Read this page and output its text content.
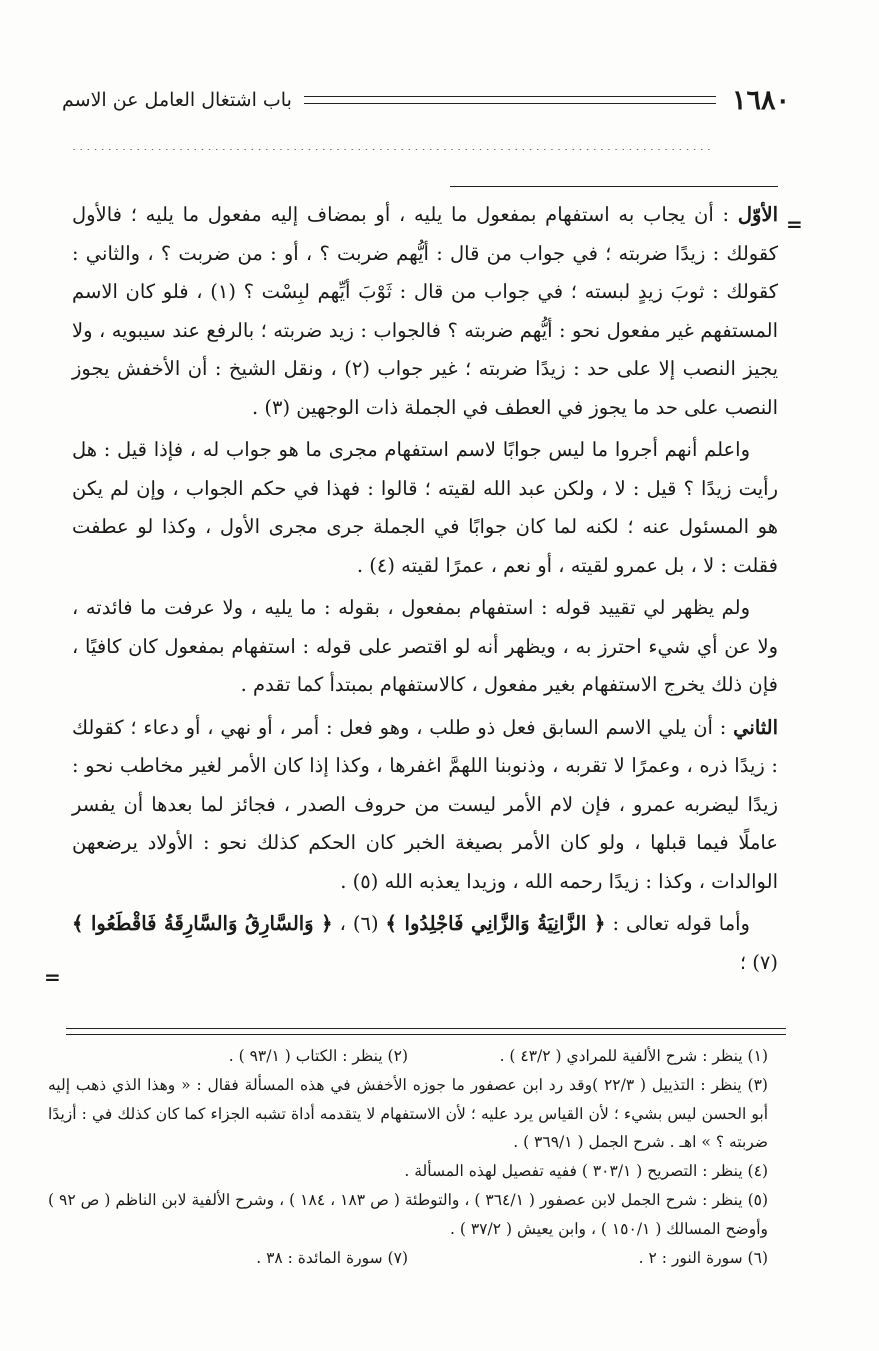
١٦٨٠
باب اشتغال العامل عن الاسم
..........................................................................................
=

الأوّل : أن يجاب به استفهام بمفعول ما يليه ، أو بمضاف إليه مفعول ما يليه ؛ فالأول كقولك : زيدًا ضربته ؛ في جواب من قال : أيُّهم ضربت ؟ ، أو : من ضربت ؟ ، والثاني : كقولك : ثوبَ زيدٍ لبسته ؛ في جواب من قال : ثَوْبَ أيِّهم لبِسْت ؟ (١) ، فلو كان الاسم المستفهم غير مفعول نحو : أيُّهم ضربته ؟ فالجواب : زيد ضربته ؛ بالرفع عند سيبويه ، ولا يجيز النصب إلا على حد : زيدًا ضربته ؛ غير جواب (٢) ، ونقل الشيخ : أن الأخفش يجوز النصب على حد ما يجوز في العطف في الجملة ذات الوجهين (٣) .

واعلم أنهم أجروا ما ليس جوابًا لاسم استفهام مجرى ما هو جواب له ، فإذا قيل : هل رأيت زيدًا ؟ قيل : لا ، ولكن عبد الله لقيته ؛ قالوا : فهذا في حكم الجواب ، وإن لم يكن هو المسئول عنه ؛ لكنه لما كان جوابًا في الجملة جرى مجرى الأول ، وكذا لو عطفت فقلت : لا ، بل عمرو لقيته ، أو نعم ، عمرًا لقيته (٤) .

ولم يظهر لي تقييد قوله : استفهام بمفعول ، بقوله : ما يليه ، ولا عرفت ما فائدته ، ولا عن أي شيء احترز به ، ويظهر أنه لو اقتصر على قوله : استفهام بمفعول كان كافيًا ، فإن ذلك يخرج الاستفهام بغير مفعول ، كالاستفهام بمبتدأ كما تقدم .

الثاني : أن يلي الاسم السابق فعل ذو طلب ، وهو فعل : أمر ، أو نهي ، أو دعاء ؛ كقولك : زيدًا ذره ، وعمرًا لا تقربه ، وذنوبنا اللهمَّ اغفرها ، وكذا إذا كان الأمر لغير مخاطب نحو : زيدًا ليضربه عمرو ، فإن لام الأمر ليست من حروف الصدر ، فجائز لما بعدها أن يفسر عاملًا فيما قبلها ، ولو كان الأمر بصيغة الخبر كان الحكم كذلك نحو : الأولاد يرضعهن الوالدات ، وكذا : زيدًا رحمه الله ، وزيدا يعذبه الله (٥) .

وأما قوله تعالى : ﴿ الزَّانِيَةُ وَالزَّانِي فَاجْلِدُوا ﴾ (٦) ، ﴿ وَالسَّارِقُ وَالسَّارِقَةُ فَاقْطَعُوا ﴾ (٧) ؛

=
(١) ينظر : شرح الألفية للمرادي ( ٤٣/٢ ) .
(٢) ينظر : الكتاب ( ٩٣/١ ) .

(٣) ينظر : التذييل ( ٢٢/٣ )وقد رد ابن عصفور ما جوزه الأخفش في هذه المسألة فقال : « وهذا الذي ذهب إليه أبو الحسن ليس بشيء ؛ لأن القياس يرد عليه ؛ لأن الاستفهام لا يتقدمه أداة تشبه الجزاء كما كان كذلك في : أزيدًا ضربته ؟ » اهـ . شرح الجمل ( ٣٦٩/١ ) .

(٤) ينظر : التصريح ( ٣٠٣/١ ) ففيه تفصيل لهذه المسألة .

(٥) ينظر : شرح الجمل لابن عصفور ( ٣٦٤/١ ) ، والتوطئة ( ص ١٨٣ ، ١٨٤ ) ، وشرح الألفية لابن الناظم ( ص ٩٢ ) وأوضح المسالك ( ١٥٠/١ ) ، وابن يعيش ( ٣٧/٢ ) .

(٦) سورة النور : ٢ .
(٧) سورة المائدة : ٣٨ .
